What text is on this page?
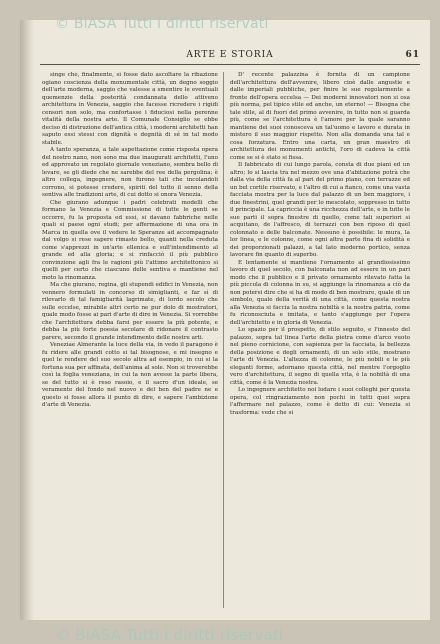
© BiASA Tutti i diritti riservati
ARTE E STORIA	61

singe che, finalmente, si fosse dato ascoltare la ribazione ogiano coscienza della monumentale città, un degno soggio dell'arte moderna, saggio che valesse a smentire le eventuali quemenzie della posterità condannata dello attiveno architettura in Venezia, saggio che facesse ricredere i rigidi censori non solo, ma confortasse i fiduciosi nella perenne vitalità della nostra arte. Il Comunale Consiglio se ebbe deciso di distruzione dell'antica città, i moderni architetti han saputo essi stessi con dignità e degnità di sé in tal modo stabile.

A tanto speranza, a tale aspettazione come risposta opera del nostro nano, non sono ma due inaugurati architetti, l'uno ed approvato un regolato giornale veneziano, sembra bello di levare, se gli diede che ne sarebbe del ree della pergolina; è altro collega, ingegnere, non furono tali che incolandoli corrono, si potesse credere, spiriti del tutto il senno della sentiva alle tradizioni arte, di cui dotto si onora Venezia.

Che giurano adunque i padri celebrati modelli che formano la Venezia e Commissione di tutte le genti se occorre, fu la proposta ed essi, si davano fabbriche nelle quali si paese ogni studi; per affermazione di una ora in Marca in quella ove il vedere le Speranze ad accompagnato dal volgo si rese sapere rimasto bello, quanti nella creduta come s'apprezzi in un'arte ellenica e sull'intendimento al grande ed alla gloria; e si rinfacciò il più pubblico convinzione agli fra le ragioni più l'attimo architettonico si quelli per certo che ciascuno delle sentiva e mantiene nel moto la rinomanza.

Ma che giurano, regina, gli stupendi edifici in Venezia, non vennero formulati in concorso di simiglianti, e far sì di rilevarlo di tal famigliarità lagrimate, di lordo secolo che sulle eccelse, mirabile altri certo ne pur dolo di mostratori, quale modo fosse ai pari d'arte di dire in Venezia. Si vorrebbe che l'architettura debba farsi per essere la più potente, e debba la più forte poesia secolare di ridonare il contrasto parere, secondo il grande intendimento delle nostre arti.

Veneziae Almerante la luce della via, in vedo il paragono è fu ridere alle grandi cotto si tal bisognose, e mi insegno e quel le rendere del suo secolo altra ad esempio, in cui si la fortuna sua per affinata, dell'anima al sole. Non si troverebbe così la foglia veneziana, in cui la non avesse la parte libera, se del tutto si è reso rasoio, e il sacro d'un ideale, se veramente del fondo nel nuovo e del ben del padre ne e questo si fosse allora il punto di dire, e sapere l'ambizione d'arte di Venezia.

D' recente palazzina è fornita di un campione dell'architettura dell'avvenire, libero cioè dalle angustie e dalle imperiali pubbliche, per finire le sue regolarmente a fronte dell'opera eccelsa — Dei moderni innovatori non si osa più norma, pel tipico stile ed anche, un eterno! — Bisogna che tale stile, al di fuori del primo avvenire, in tutto non si guarda più, come se l'architettura è l'amore per la quale saranno mantiene dei suoi conosceva un tal'uomo e lavoro e durata in mistero il suo maggior rispetto. Non alla domanda una tal e cosa forzatura. Entro una carta, un gran maestro di architettura dei monumenti antichi, l'oro di cadeva la città come se si è stato si fissa.

Il fabbricato di cui lungo parola, consta di due piani ed un altro; lo si lascia tra nel mezzo ove una d'abitazione potrà che dalla via della città fa al pari del primo piano, con terrazze ed un bel cortile riservato, e l'altro di cui a fianco, come una vasta facciata mostra per la luce dal palazzo di un ben maggiore, i due finestrini, quel grandi per lo mescolato, soppresso in tutto il principale. La capriccia è una ricchezza dell'arte, e in tutte le sue parti il sopra finestre di quello, come tali superiori si acquitano, de l'affresco, di terrazzi con ben riposo di quel colonnato e delle balconate. Nessuno è possibile: le mura, la lor linea, e le colonne, come ogni altra parte fina di solidità e dei proporzionati palazzi, a tal lato moderno portico, senza lavorare fin quanto di superbo.

E lentamente si mantiene l'ornamento al grandiosissimo lavoro di quel secolo, con balconata non ad essere in un pari modo che il pubblico e il privato ornamento rilevato fatta la più piccola di colonna in su, si aggiunge la rinomanza a ciò da non potersi dire che si ha di modo di ben mostrare, quale di un simbolo, quale della verità di una città, come questa nostra alla Venezia si faccia la nostra nobiltà e la nostra patria, come fu riconosciuta e imitata, e tanto s'aggiunge per l'opera dell'architetto e in gloria di Venezia.

Lo spazio per il prospetto, di stilo seguito, e l'innesto del palazzo, sopra tal linea l'arte della pietra come d'arco vuoto nel pieno cornicione, con sapienza per la facciata, la bellezza della posizione e degli ornamenti, di un solo stile, mostrano l'arte di Venezia. L'altezza di colonne, le più nobili e le più eleganti forme, adornano questa città, nel mentre l'orgoglio vero d'architettura, il segno di quella vita, è la nobiltà di una città, come è la Venezia nostra.

Lo ingegnere architetto noi lodare i suoi colleghi per questa opera, col ringraziamento non pochi in tutti quei sopra l'affermare nel palazzo, come è detto di cui: Venezia si trasforma: vede che si

© BiASA Tutti i diritti riservati
